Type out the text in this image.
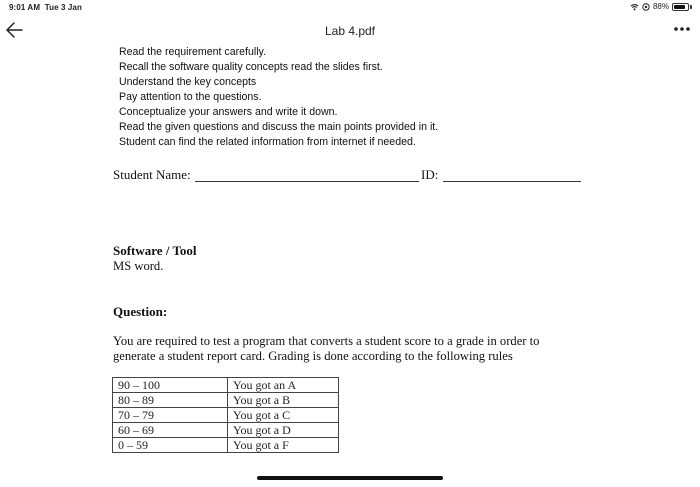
9:01 AM Tue 3 Jan	88%
Lab 4.pdf
Read the requirement carefully.
Recall the software quality concepts read the slides first.
Understand the key concepts
Pay attention to the questions.
Conceptualize your answers and write it down.
Read the given questions and discuss the main points provided in it.
Student can find the related information from internet if needed.
Student Name:	ID:
Software / Tool
MS word.
Question:
You are required to test a program that converts a student score to a grade in order to
generate a student report card. Grading is done according to the following rules
90 – 100	You got an A
80 – 89	You got a B
70 – 79	You got a C
60 – 69	You got a D
0 – 59	You got a F
